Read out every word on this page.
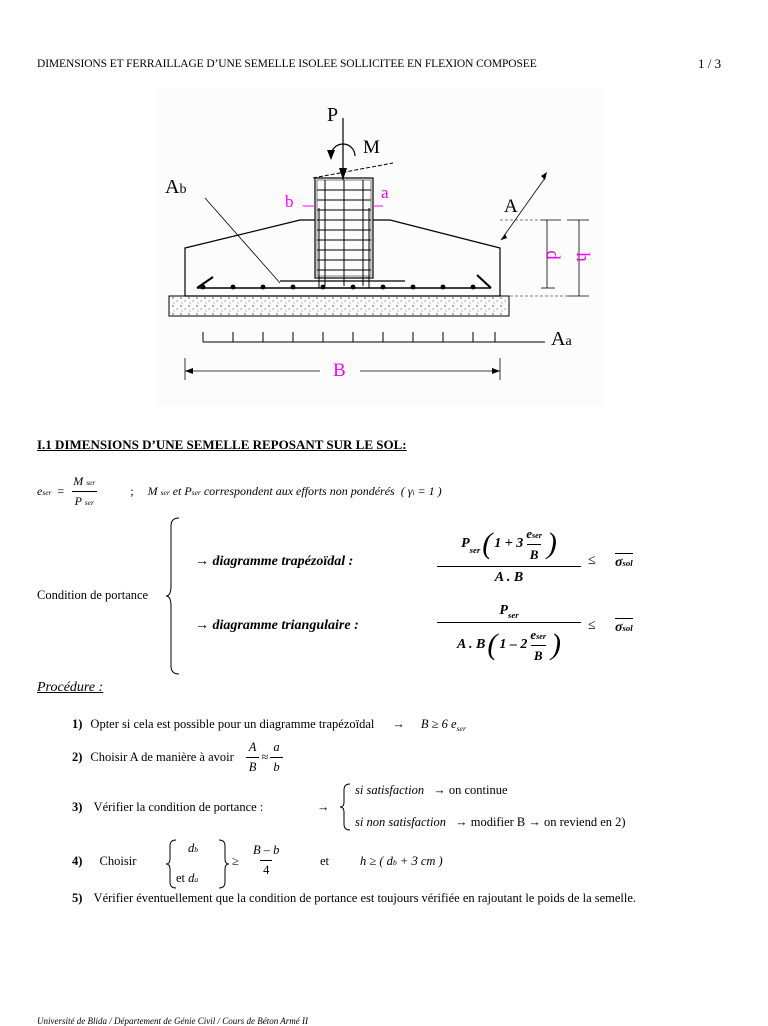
DIMENSIONS ET FERRAILLAGE D’UNE SEMELLE ISOLEE SOLLICITEE EN FLEXION COMPOSEE	1 / 3
P
M
Ab
b	a
A
d h
Aa
B
I.1 DIMENSIONS D’UNE SEMELLE REPOSANT SUR LE SOL:
eser = $\frac{\text{M ser}}{\text{P ser}}$	; M ser et Pser correspondent aux efforts non pondérés ( γi = 1 )
Condition de portance
→ diagramme trapézoïdal :
P ser ( $1 + 3 \frac{\text{eser}}{B}$ )
A . B
≤ σsol
→ diagramme triangulaire :
$P_{ser}$
A . B ( $1 - 2 \frac{\text{eser}}{B}$ )
≤ σsol
Procédure :
1) Opter si cela est possible pour un diagramme trapézoïdal → B ≥ 6 $e_{ser}$
2) Choisir A de manière à avoir $\frac{A}{B} \approx \frac{a}{b}$
3) Vérifier la condition de portance :	→
si satisfaction → on continue
si non satisfaction → modifier B → on reviend en 2)
4) Choisir
db
et da
≥ $\frac{B - b}{4}$	et h ≥ ( db + 3 cm )
5) Vérifier éventuellement que la condition de portance est toujours vérifiée en rajoutant le poids de la semelle.
Université de Blida / Département de Génie Civil / Cours de Béton Armé II
